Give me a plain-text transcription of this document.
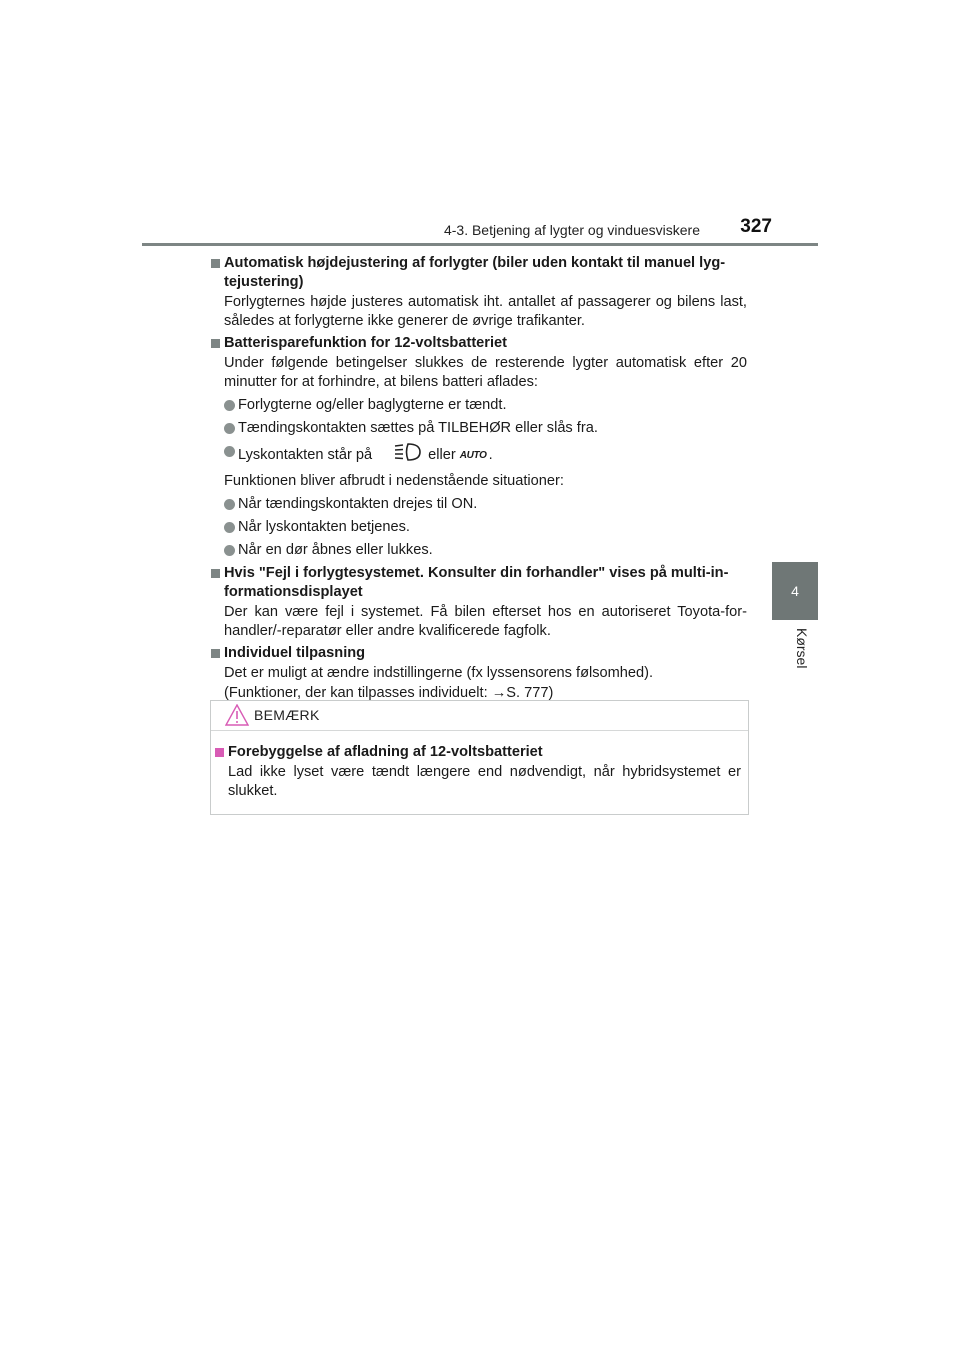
4-3. Betjening af lygter og vinduesviskere 327
4
Kørsel
Automatisk højdejustering af forlygter (biler uden kontakt til manuel lyg-tejustering)
Forlygternes højde justeres automatisk iht. antallet af passagerer og bilens last, således at forlygterne ikke generer de øvrige trafikanter.
Batterisparefunktion for 12-voltsbatteriet
Under følgende betingelser slukkes de resterende lygter automatisk efter 20 minutter for at forhindre, at bilens batteri aflades:
Forlygterne og/eller baglygterne er tændt.
Tændingskontakten sættes på TILBEHØR eller slås fra.
Lyskontakten står på	eller AUTO .
Funktionen bliver afbrudt i nedenstående situationer:
Når tændingskontakten drejes til ON.
Når lyskontakten betjenes.
Når en dør åbnes eller lukkes.
Hvis "Fejl i forlygtesystemet. Konsulter din forhandler" vises på multi-in-formationsdisplayet
Der kan være fejl i systemet. Få bilen efterset hos en autoriseret Toyota-for-handler/-reparatør eller andre kvalificerede fagfolk.
Individuel tilpasning
Det er muligt at ændre indstillingerne (fx lyssensorens følsomhed).
(Funktioner, der kan tilpasses individuelt: →S. 777)
BEMÆRK
Forebyggelse af afladning af 12-voltsbatteriet
Lad ikke lyset være tændt længere end nødvendigt, når hybridsystemet er slukket.
